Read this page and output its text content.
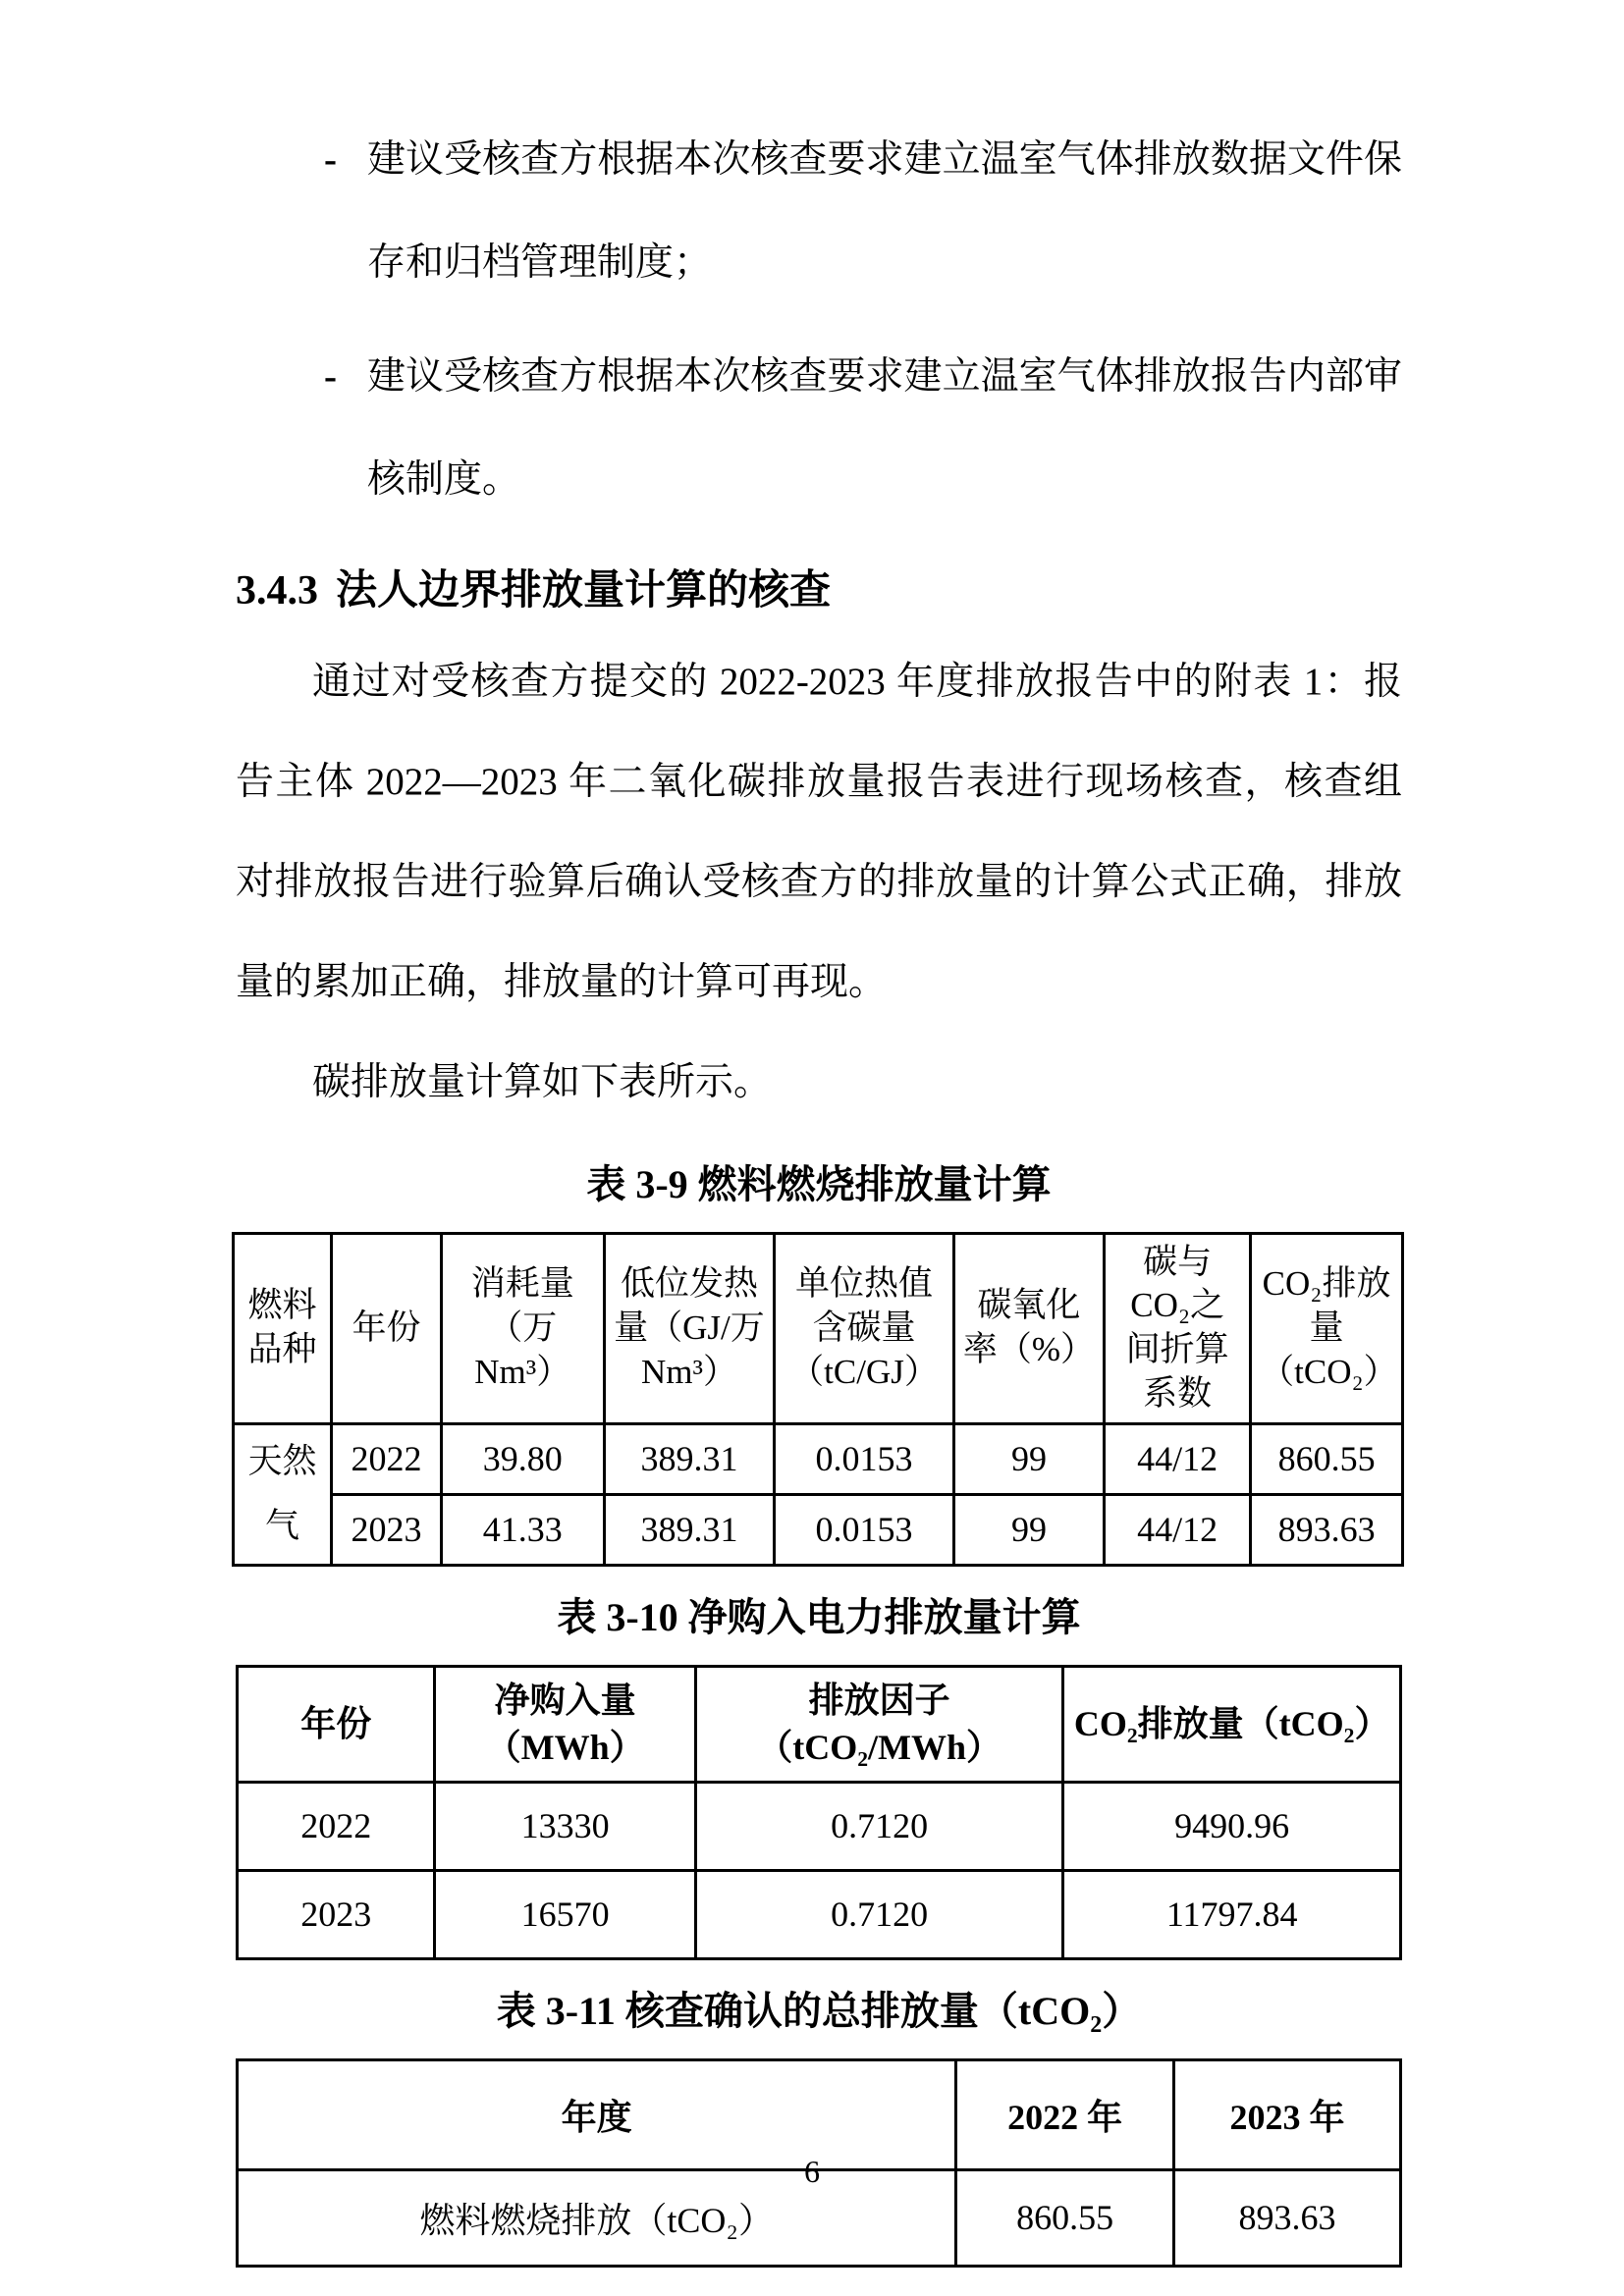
- 建议受核查方根据本次核查要求建立温室气体排放数据文件保存和归档管理制度；
- 建议受核查方根据本次核查要求建立温室气体排放报告内部审核制度。
3.4.3 法人边界排放量计算的核查

通过对受核查方提交的 2022-2023 年度排放报告中的附表 1：报告主体 2022—2023 年二氧化碳排放量报告表进行现场核查，核查组对排放报告进行验算后确认受核查方的排放量的计算公式正确，排放量的累加正确，排放量的计算可再现。

碳排放量计算如下表所示。

表 3-9 燃料燃烧排放量计算
燃料品种	年份	消耗量（万 Nm³）	低位发热量（GJ/万 Nm³）	单位热值含碳量（tC/GJ）	碳氧化率（%）	碳与CO₂之间折算系数	CO₂排放量（tCO₂）
天然气	2022	39.80	389.31	0.0153	99	44/12	860.55
	2023	41.33	389.31	0.0153	99	44/12	893.63
表 3-10 净购入电力排放量计算
年份	净购入量（MWh）	排放因子（tCO₂/MWh）	CO₂排放量（tCO₂）
2022	13330	0.7120	9490.96
2023	16570	0.7120	11797.84
表 3-11 核查确认的总排放量（tCO₂）
年度	2022 年	2023 年
燃料燃烧排放（tCO₂）	860.55	893.63
6
